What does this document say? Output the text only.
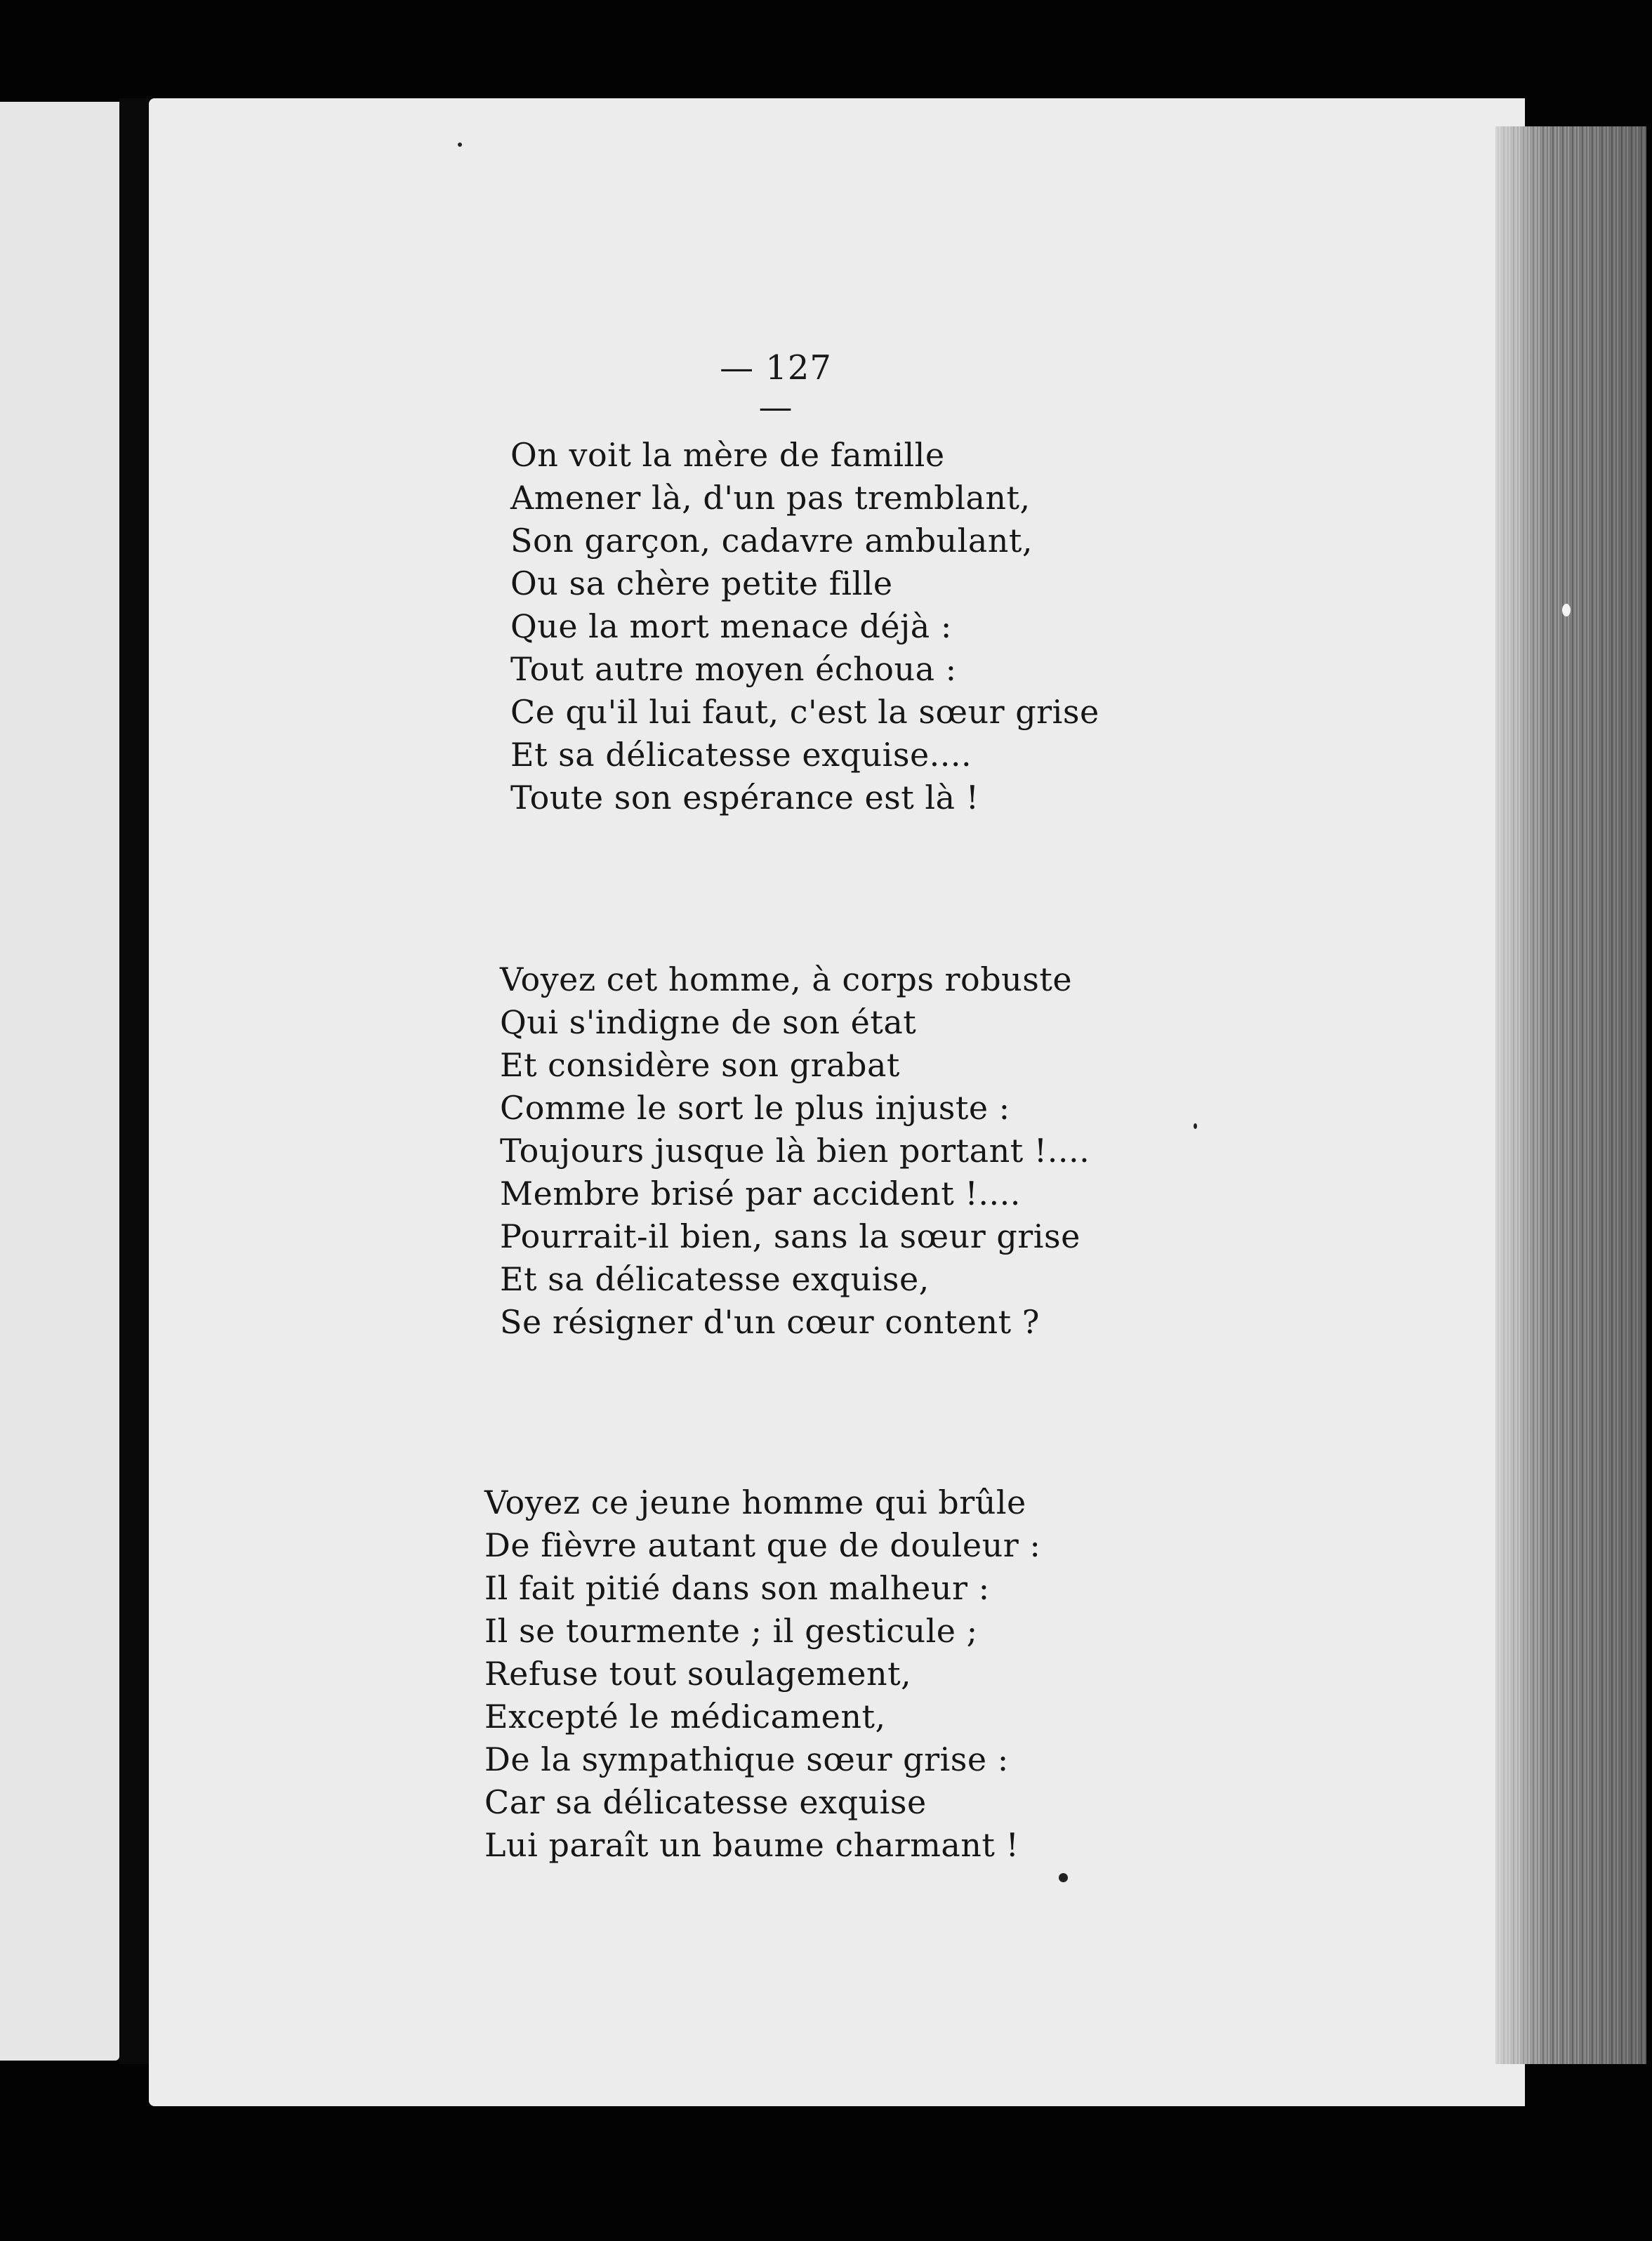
— 127 —
On voit la mère de famille
Amener là, d'un pas tremblant,
Son garçon, cadavre ambulant,
Ou sa chère petite fille
Que la mort menace déjà :
Tout autre moyen échoua :
Ce qu'il lui faut, c'est la sœur grise
Et sa délicatesse exquise....
Toute son espérance est là !
Voyez cet homme, à corps robuste
Qui s'indigne de son état
Et considère son grabat
Comme le sort le plus injuste :
Toujours jusque là bien portant !....
Membre brisé par accident !....
Pourrait-il bien, sans la sœur grise
Et sa délicatesse exquise,
Se résigner d'un cœur content ?
Voyez ce jeune homme qui brûle
De fièvre autant que de douleur :
Il fait pitié dans son malheur :
Il se tourmente ; il gesticule ;
Refuse tout soulagement,
Excepté le médicament,
De la sympathique sœur grise :
Car sa délicatesse exquise
Lui paraît un baume charmant !
